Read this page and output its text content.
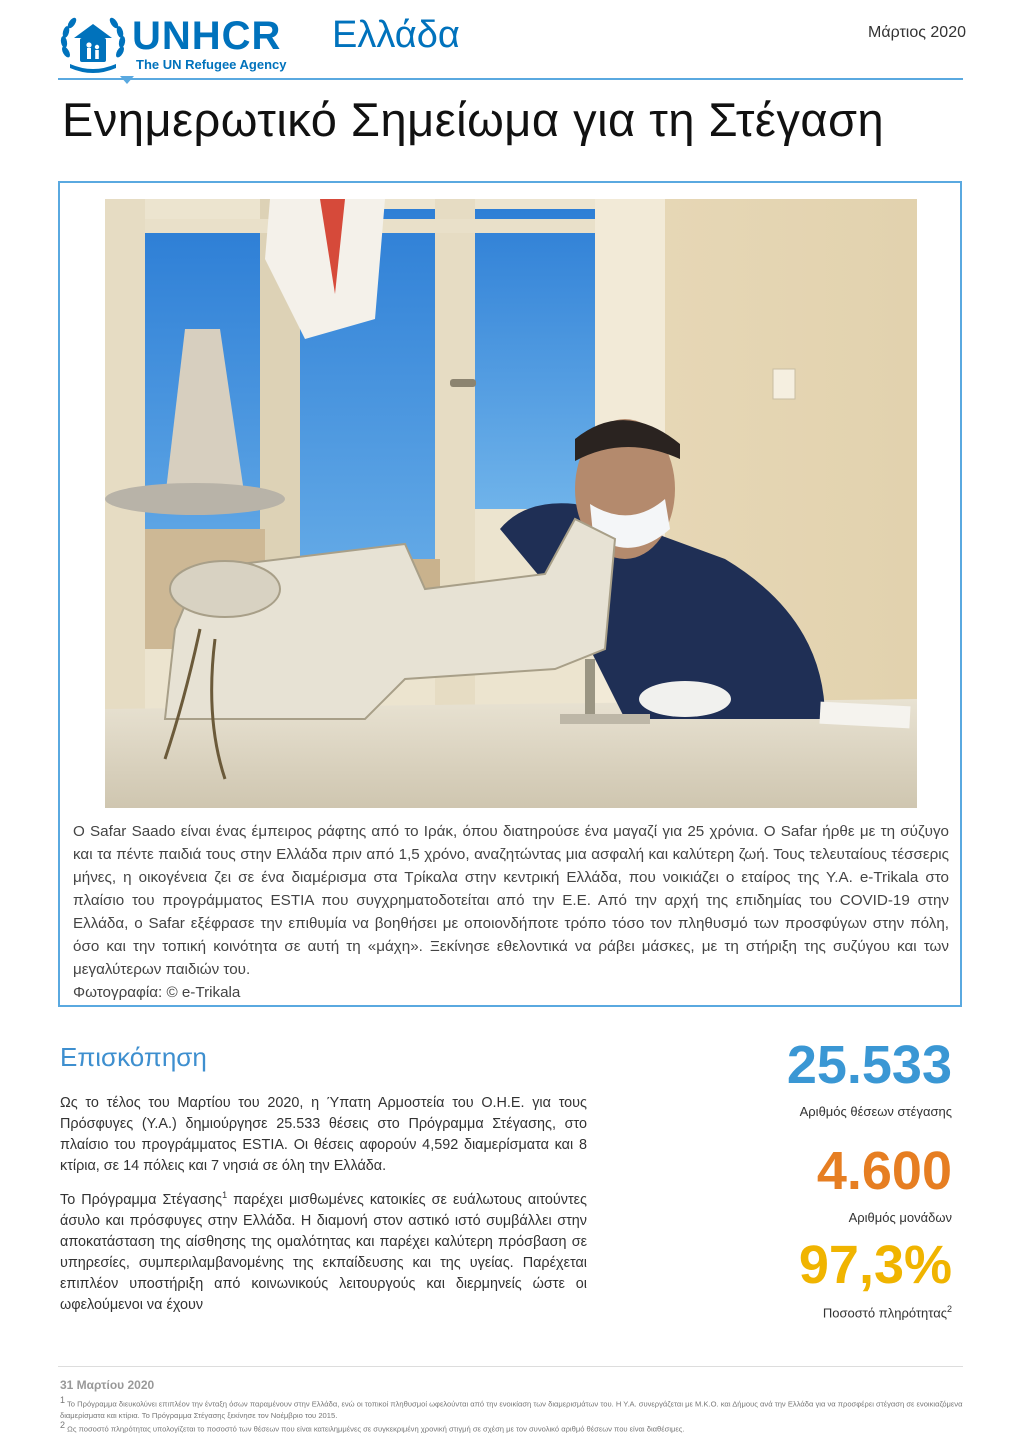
UNHCR
The UN Refugee Agency
Ελλάδα	Μάρτιος 2020
Ενημερωτικό Σημείωμα για τη Στέγαση
Ο Safar Saado είναι ένας έμπειρος ράφτης από το Ιράκ, όπου διατηρούσε ένα μαγαζί για 25 χρόνια. Ο Safar ήρθε με τη σύζυγο και τα πέντε παιδιά τους στην Ελλάδα πριν από 1,5 χρόνο, αναζητώντας μια ασφαλή και καλύτερη ζωή. Τους τελευταίους τέσσερις μήνες, η οικογένεια ζει σε ένα διαμέρισμα στα Τρίκαλα στην κεντρική Ελλάδα, που νοικιάζει ο εταίρος της Υ.Α. e-Trikala στο πλαίσιο του προγράμματος ESTIA που συγχρηματοδοτείται από την Ε.Ε. Από την αρχή της επιδημίας του COVID-19 στην Ελλάδα, ο Safar εξέφρασε την επιθυμία να βοηθήσει με οποιονδήποτε τρόπο τόσο τον πληθυσμό των προσφύγων στην πόλη, όσο και την τοπική κοινότητα σε αυτή τη «μάχη». Ξεκίνησε εθελοντικά να ράβει μάσκες, με τη στήριξη της συζύγου και των μεγαλύτερων παιδιών του.
Φωτογραφία: © e-Trikala
Επισκόπηση

Ως το τέλος του Μαρτίου του 2020, η Ύπατη Αρμοστεία του Ο.Η.Ε. για τους Πρόσφυγες (Υ.Α.) δημιούργησε 25.533 θέσεις στο Πρόγραμμα Στέγασης, στο πλαίσιο του προγράμματος ESTIA. Οι θέσεις αφορούν 4,592 διαμερίσματα και 8 κτίρια, σε 14 πόλεις και 7 νησιά σε όλη την Ελλάδα.

Το Πρόγραμμα Στέγασης$^1$ παρέχει μισθωμένες κατοικίες σε ευάλωτους αιτούντες άσυλο και πρόσφυγες στην Ελλάδα. Η διαμονή στον αστικό ιστό συμβάλλει στην αποκατάσταση της αίσθησης της ομαλότητας και παρέχει καλύτερη πρόσβαση σε υπηρεσίες, συμπεριλαμβανομένης της εκπαίδευσης και της υγείας. Παρέχεται επιπλέον υποστήριξη από κοινωνικούς λειτουργούς και διερμηνείς ώστε οι ωφελούμενοι να έχουν

25.533
Αριθμός θέσεων στέγασης
4.600
Αριθμός μονάδων
97,3%
Ποσοστό πληρότητας$^2$
31 Μαρτίου 2020
$^1$ Το Πρόγραμμα διευκολύνει επιπλέον την ένταξη όσων παραμένουν στην Ελλάδα, ενώ οι τοπικοί πληθυσμοί ωφελούνται από την ενοικίαση των διαμερισμάτων του. Η Υ.Α. συνεργάζεται με Μ.Κ.Ο. και Δήμους ανά την Ελλάδα για να προσφέρει στέγαση σε ενοικιαζόμενα διαμερίσματα και κτίρια. Το Πρόγραμμα Στέγασης ξεκίνησε τον Νοέμβριο του 2015.
$^2$ Ως ποσοστό πληρότητας υπολογίζεται το ποσοστό των θέσεων που είναι κατειλημμένες σε συγκεκριμένη χρονική στιγμή σε σχέση με τον συνολικό αριθμό θέσεων που είναι διαθέσιμες.
